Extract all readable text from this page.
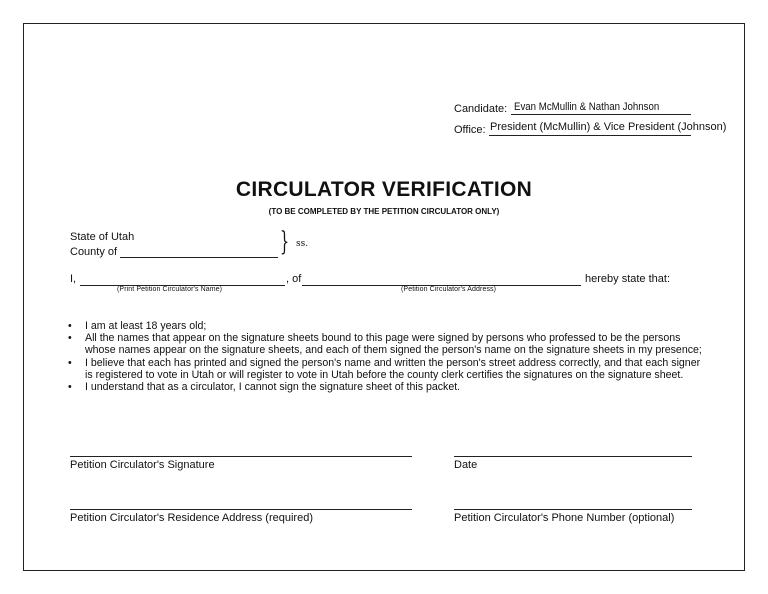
Candidate: Evan McMullin & Nathan Johnson
Office: President (McMullin) & Vice President (Johnson)
CIRCULATOR VERIFICATION
(TO BE COMPLETED BY THE PETITION CIRCULATOR ONLY)
State of Utah
County of	} ss.
I,	, of	hereby state that:
(Print Petition Circulator's Name)	(Petition Circulator's Address)
• I am at least 18 years old;
• All the names that appear on the signature sheets bound to this page were signed by persons who professed to be the persons whose names appear on the signature sheets, and each of them signed the person's name on the signature sheets in my presence;
• I believe that each has printed and signed the person's name and written the person's street address correctly, and that each signer is registered to vote in Utah or will register to vote in Utah before the county clerk certifies the signatures on the signature sheet.
• I understand that as a circulator, I cannot sign the signature sheet of this packet.
Petition Circulator's Signature	Date
Petition Circulator's Residence Address (required)	Petition Circulator's Phone Number (optional)
